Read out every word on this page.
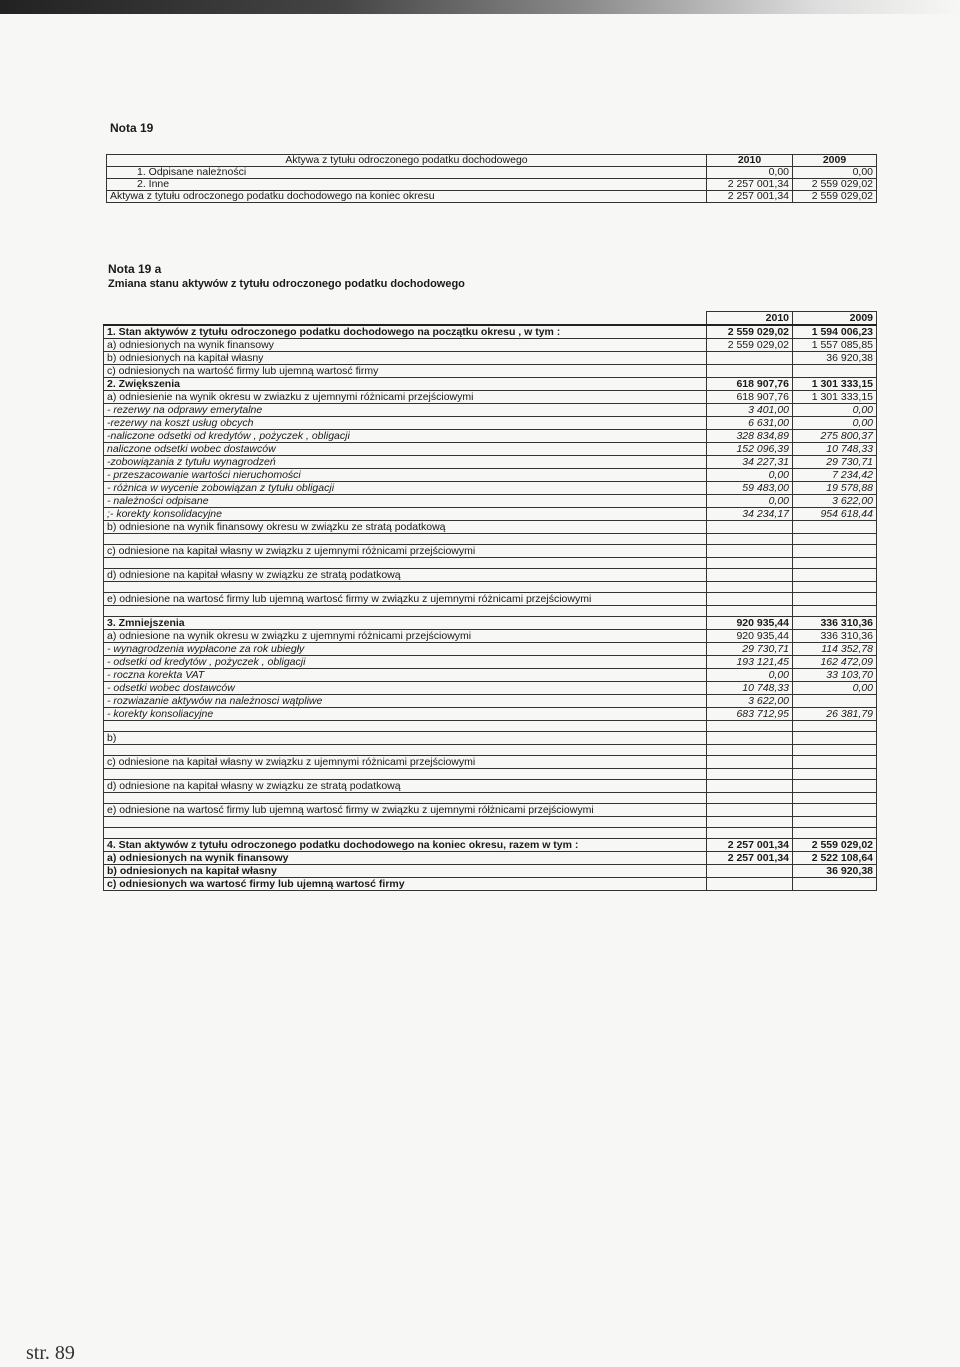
Nota 19
Aktywa z tytułu odroczonego podatku dochodowego	2010	2009
1. Odpisane należności	0,00	0,00
2. Inne	2 257 001,34	2 559 029,02
Aktywa z tytułu odroczonego podatku dochodowego na koniec okresu	2 257 001,34	2 559 029,02
Nota 19 a
Zmiana stanu aktywów z tytułu odroczonego podatku dochodowego
	2010	2009
1. Stan aktywów z tytułu odroczonego podatku dochodowego na początku okresu , w tym :	2 559 029,02	1 594 006,23
a) odniesionych na wynik finansowy	2 559 029,02	1 557 085,85
b) odniesionych na kapitał własny		36 920,38
c) odniesionych na wartość firmy lub ujemną wartosć firmy		
2. Zwiększenia	618 907,76	1 301 333,15
a) odniesienie na wynik okresu w zwiazku z ujemnymi różnicami przejściowymi	618 907,76	1 301 333,15
- rezerwy na odprawy emerytalne	3 401,00	0,00
-rezerwy na koszt usług obcych	6 631,00	0,00
-naliczone odsetki od kredytów , pożyczek , obligacji	328 834,89	275 800,37
naliczone odsetki wobec dostawców	152 096,39	10 748,33
-zobowiązania z tytułu wynagrodzeń	34 227,31	29 730,71
- przeszacowanie wartości nieruchomości	0,00	7 234,42
- różnica w wycenie zobowiązan z tytułu obligacji	59 483,00	19 578,88
- należności odpisane	0,00	3 622,00
;- korekty konsolidacyjne	34 234,17	954 618,44
b) odniesione na wynik finansowy okresu w związku ze stratą podatkową		

c) odniesione na kapitał własny w związku z ujemnymi różnicami przejściowymi		

d) odniesione na kapitał własny w związku ze stratą podatkową		

e) odniesione na wartosć firmy lub ujemną wartosć firmy w związku z ujemnymi różnicami przejściowymi		

3. Zmniejszenia	920 935,44	336 310,36
a) odniesione na wynik okresu w związku z ujemnymi różnicami przejściowymi	920 935,44	336 310,36
- wynagrodzenia wypłacone za rok ubiegły	29 730,71	114 352,78
- odsetki od kredytów , pożyczek , obligacji	193 121,45	162 472,09
- roczna korekta VAT	0,00	33 103,70
- odsetki wobec dostawców	10 748,33	0,00
- rozwiazanie aktywów na należnosci wątpliwe	3 622,00	
- korekty konsoliacyjne	683 712,95	26 381,79

b)		

c) odniesione na kapitał własny w związku z ujemnymi różnicami przejściowymi		

d) odniesione na kapitał własny w związku ze stratą podatkową		

e) odniesione na wartosć firmy lub ujemną wartosć firmy w związku z ujemnymi rółżnicami przejściowymi		

4. Stan aktywów z tytułu odroczonego podatku dochodowego na koniec okresu, razem w tym :	2 257 001,34	2 559 029,02
a) odniesionych na wynik finansowy	2 257 001,34	2 522 108,64
b) odniesionych na kapitał własny		36 920,38
c) odniesionych wa wartosć firmy lub ujemną wartosć firmy		
str. 89
